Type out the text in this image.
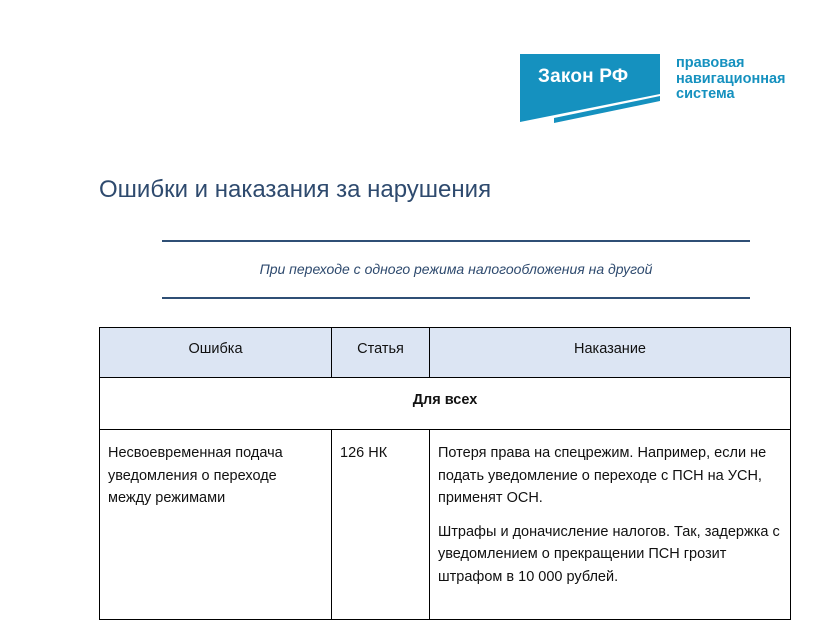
Закон РФ
правовая
навигационная
система
Ошибки и наказания за нарушения
При переходе с одного режима налогообложения на другой
Ошибка	Статья	Наказание
Для всех		
Несвоевременная подача уведомления о переходе между режимами	126 НК	Потеря права на спецрежим. Например, если не подать уведомление о переходе с ПСН на УСН, применят ОСН.

Штрафы и доначисление налогов. Так, задержка с уведомлением о прекращении ПСН грозит штрафом в 10 000 рублей.
